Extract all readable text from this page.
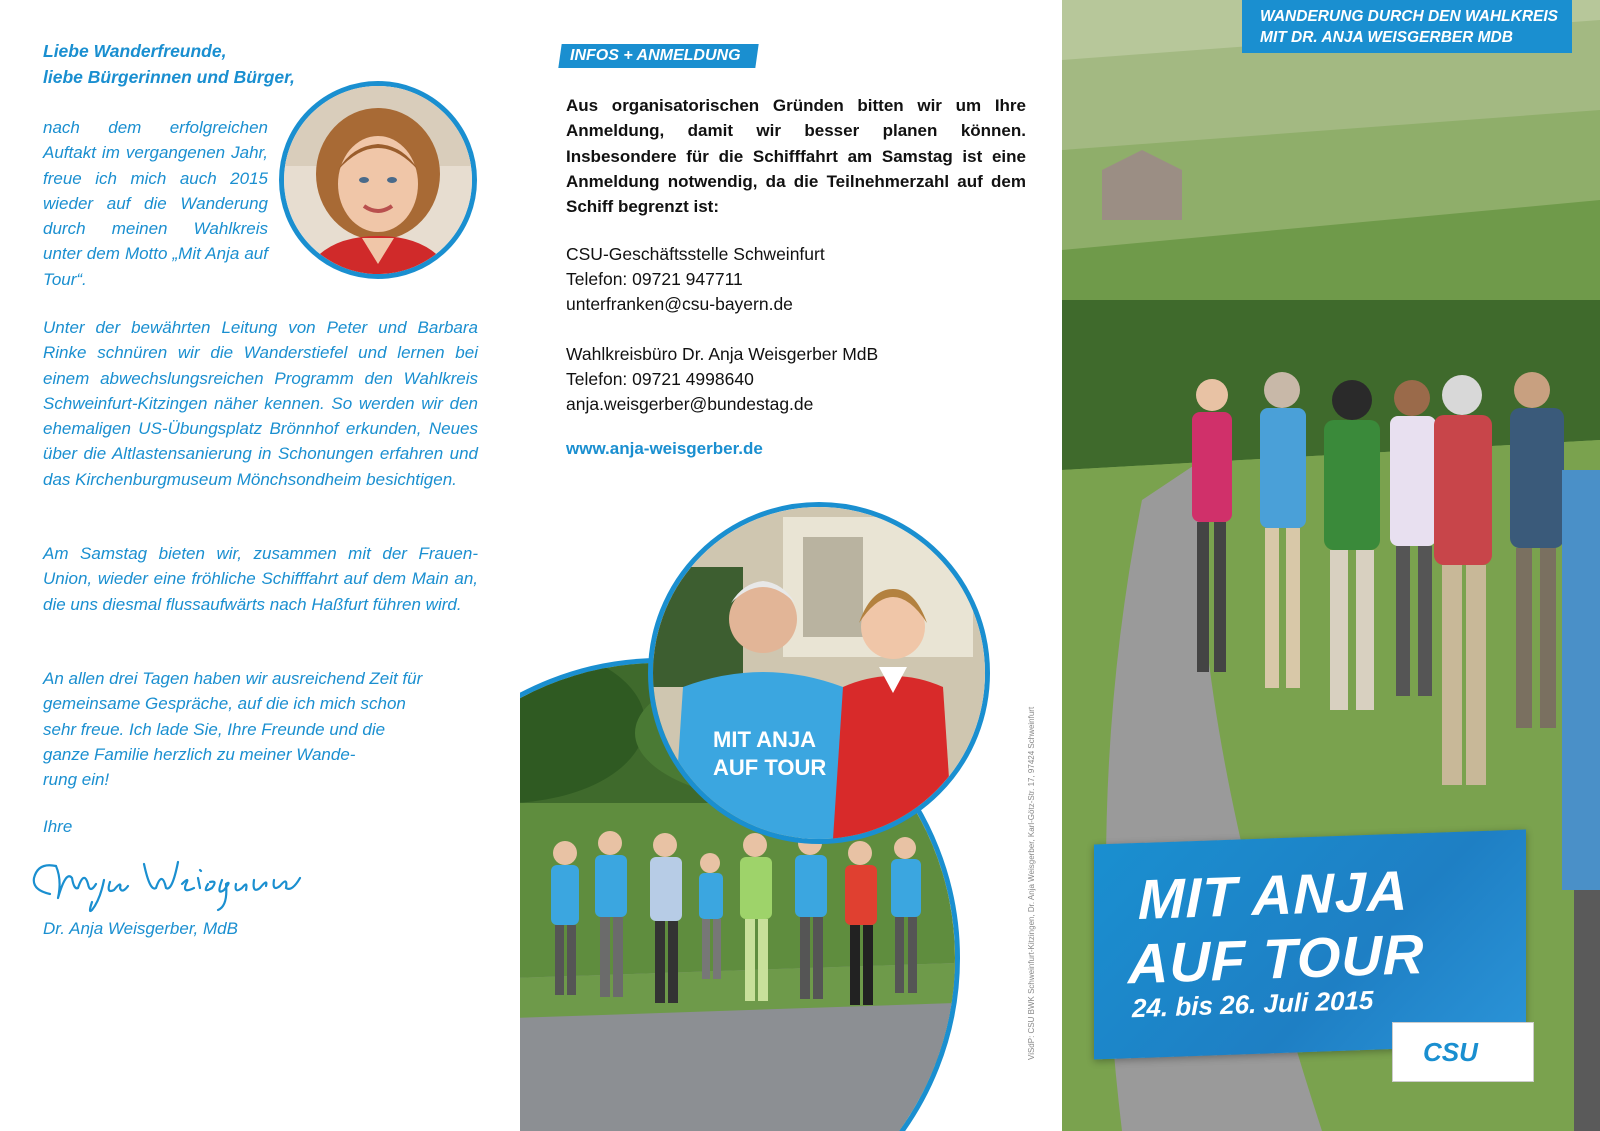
Liebe Wanderfreunde,
liebe Bürgerinnen und Bürger,
nach dem erfolgreichen Auftakt im vergangenen Jahr, freue ich mich auch 2015 wieder auf die Wanderung durch meinen Wahlkreis unter dem Motto „Mit Anja auf Tour“.
Unter der bewährten Leitung von Peter und Barbara Rinke schnüren wir die Wanderstiefel und lernen bei einem abwechslungsreichen Programm den Wahlkreis Schweinfurt-Kitzingen näher kennen. So werden wir den ehemaligen US-Übungsplatz Brönnhof erkunden, Neues über die Altlastensanierung in Schonungen erfahren und das Kirchenburgmuseum Mönchsondheim besichtigen.
Am Samstag bieten wir, zusammen mit der Frauen-Union, wieder eine fröhliche Schifffahrt auf dem Main an, die uns diesmal flussaufwärts nach Haßfurt führen wird.
An allen drei Tagen haben wir ausreichend Zeit für
gemeinsame Gespräche, auf die ich mich schon
sehr freue. Ich lade Sie, Ihre Freunde und die
ganze Familie herzlich zu meiner Wande-
rung ein!
Ihre
Dr. Anja Weisgerber, MdB
INFOS + ANMELDUNG
Aus organisatorischen Gründen bitten wir um Ihre Anmeldung, damit wir besser planen können. Insbesondere für die Schifffahrt am Samstag ist eine Anmeldung notwendig, da die Teilnehmerzahl auf dem Schiff begrenzt ist:
CSU-Geschäftsstelle Schweinfurt
Telefon: 09721 947711
unterfranken@csu-bayern.de
Wahlkreisbüro Dr. Anja Weisgerber MdB
Telefon: 09721 4998640
anja.weisgerber@bundestag.de
www.anja-weisgerber.de
MIT ANJA
AUF TOUR	ViSdP: CSU BWK Schweinfurt-Kitzingen, Dr. Anja Weisgerber, Karl-Götz-Str. 17, 97424 Schweinfurt
WANDERUNG DURCH DEN WAHLKREIS
MIT DR. ANJA WEISGERBER MDB
MIT ANJA
AUF TOUR
24. bis 26. Juli 2015
CSU
